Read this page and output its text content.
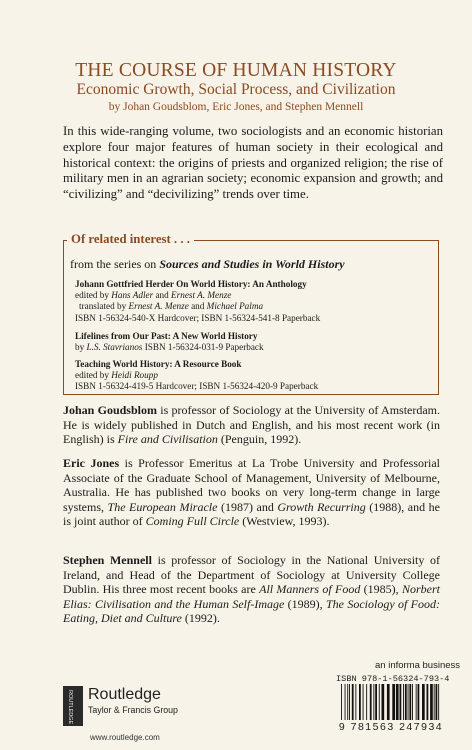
THE COURSE OF HUMAN HISTORY
Economic Growth, Social Process, and Civilization
by Johan Goudsblom, Eric Jones, and Stephen Mennell
In this wide-ranging volume, two sociologists and an economic historian explore four major features of human society in their ecological and historical context: the origins of priests and organized religion; the rise of military men in an agrarian society; economic expansion and growth; and “civilizing” and “decivilizing” trends over time.
Of related interest . . .
from the series on Sources and Studies in World History
Johann Gottfried Herder On World History: An Anthology
edited by Hans Adler and Ernest A. Menze
translated by Ernest A. Menze and Michael Palma
ISBN 1-56324-540-X Hardcover; ISBN 1-56324-541-8 Paperback
Lifelines from Our Past: A New World History
by L.S. Stavrianos ISBN 1-56324-031-9 Paperback
Teaching World History: A Resource Book
edited by Heidi Roupp
ISBN 1-56324-419-5 Hardcover; ISBN 1-56324-420-9 Paperback
Johan Goudsblom is professor of Sociology at the University of Amsterdam. He is widely published in Dutch and English, and his most recent work (in English) is Fire and Civilisation (Penguin, 1992).
Eric Jones is Professor Emeritus at La Trobe University and Professorial Associate of the Graduate School of Management, University of Melbourne, Australia. He has published two books on very long-term change in large systems, The European Miracle (1987) and Growth Recurring (1988), and he is joint author of Coming Full Circle (Westview, 1993).
Stephen Mennell is professor of Sociology in the National University of Ireland, and Head of the Department of Sociology at University College Dublin. His three most recent books are All Manners of Food (1985), Norbert Elias: Civilisation and the Human Self-Image (1989), The Sociology of Food: Eating, Diet and Culture (1992).
an informa business
ISBN 978-1-56324-793-4
9 781563 247934
ROUTLEDGE Routledge
Taylor & Francis Group
www.routledge.com
